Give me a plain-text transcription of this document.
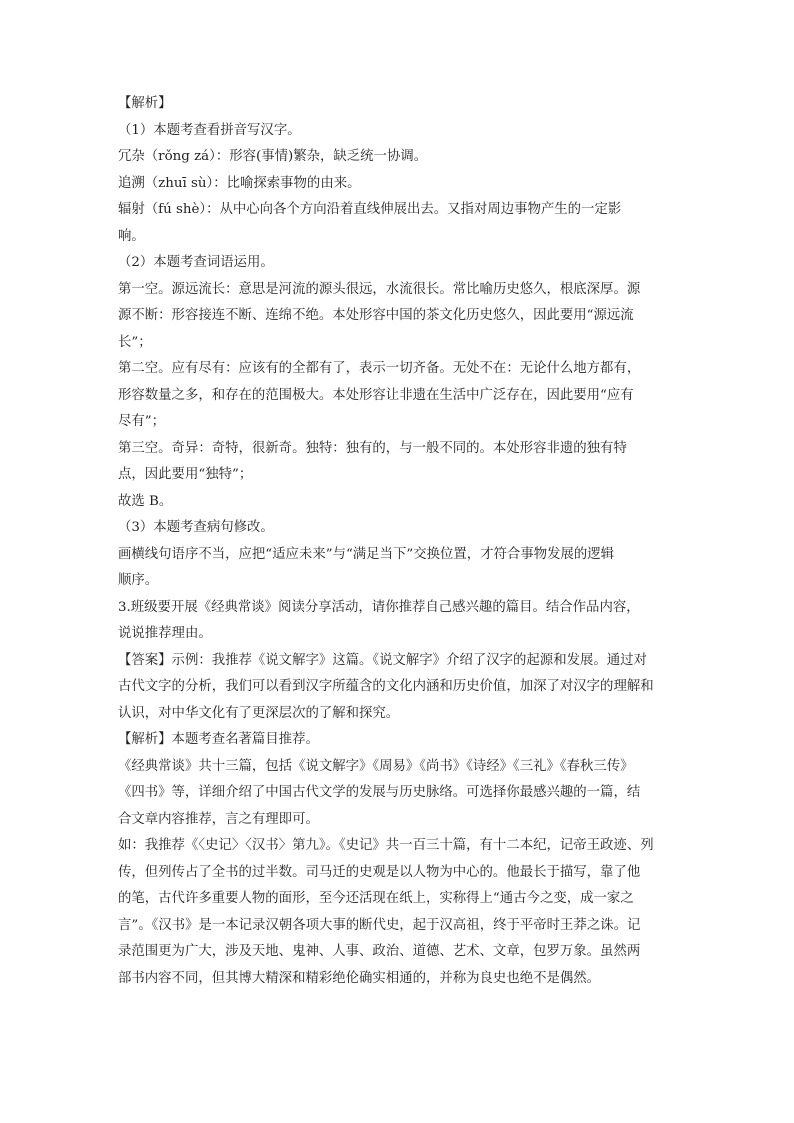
【解析】
（1）本题考查看拼音写汉字。
冗杂（rǒng zá）：形容(事情)繁杂，缺乏统一协调。
追溯（zhuī sù）：比喻探索事物的由来。
辐射（fú shè）：从中心向各个方向沿着直线伸展出去。又指对周边事物产生的一定影
响。
（2）本题考查词语运用。
第一空。源远流长：意思是河流的源头很远，水流很长。常比喻历史悠久，根底深厚。源
源不断：形容接连不断、连绵不绝。本处形容中国的茶文化历史悠久，因此要用“源远流
长”；
第二空。应有尽有：应该有的全都有了，表示一切齐备。无处不在：无论什么地方都有，
形容数量之多，和存在的范围极大。本处形容让非遗在生活中广泛存在，因此要用“应有
尽有”；
第三空。奇异：奇特，很新奇。独特：独有的，与一般不同的。本处形容非遗的独有特
点，因此要用“独特”；
故选 B。
（3）本题考查病句修改。
画横线句语序不当，应把“适应未来”与“满足当下”交换位置，才符合事物发展的逻辑
顺序。
3.班级要开展《经典常谈》阅读分享活动，请你推荐自己感兴趣的篇目。结合作品内容，
说说推荐理由。
【答案】示例：我推荐《说文解字》这篇。《说文解字》介绍了汉字的起源和发展。通过对
古代文字的分析，我们可以看到汉字所蕴含的文化内涵和历史价值，加深了对汉字的理解和
认识，对中华文化有了更深层次的了解和探究。
【解析】本题考查名著篇目推荐。
《经典常谈》共十三篇，包括《说文解字》《周易》《尚书》《诗经》《三礼》《春秋三传》
《四书》等，详细介绍了中国古代文学的发展与历史脉络。可选择你最感兴趣的一篇，结
合文章内容推荐，言之有理即可。
如：我推荐《〈史记〉〈汉书〉第九》。《史记》共一百三十篇，有十二本纪，记帝王政迹、列
传，但列传占了全书的过半数。司马迁的史观是以人物为中心的。他最长于描写，靠了他
的笔，古代许多重要人物的面形，至今还活现在纸上，实称得上“通古今之变，成一家之
言”。《汉书》是一本记录汉朝各项大事的断代史，起于汉高祖，终于平帝时王莽之诛。记
录范围更为广大，涉及天地、鬼神、人事、政治、道德、艺术、文章，包罗万象。虽然两
部书内容不同，但其博大精深和精彩绝伦确实相通的，并称为良史也绝不是偶然。
